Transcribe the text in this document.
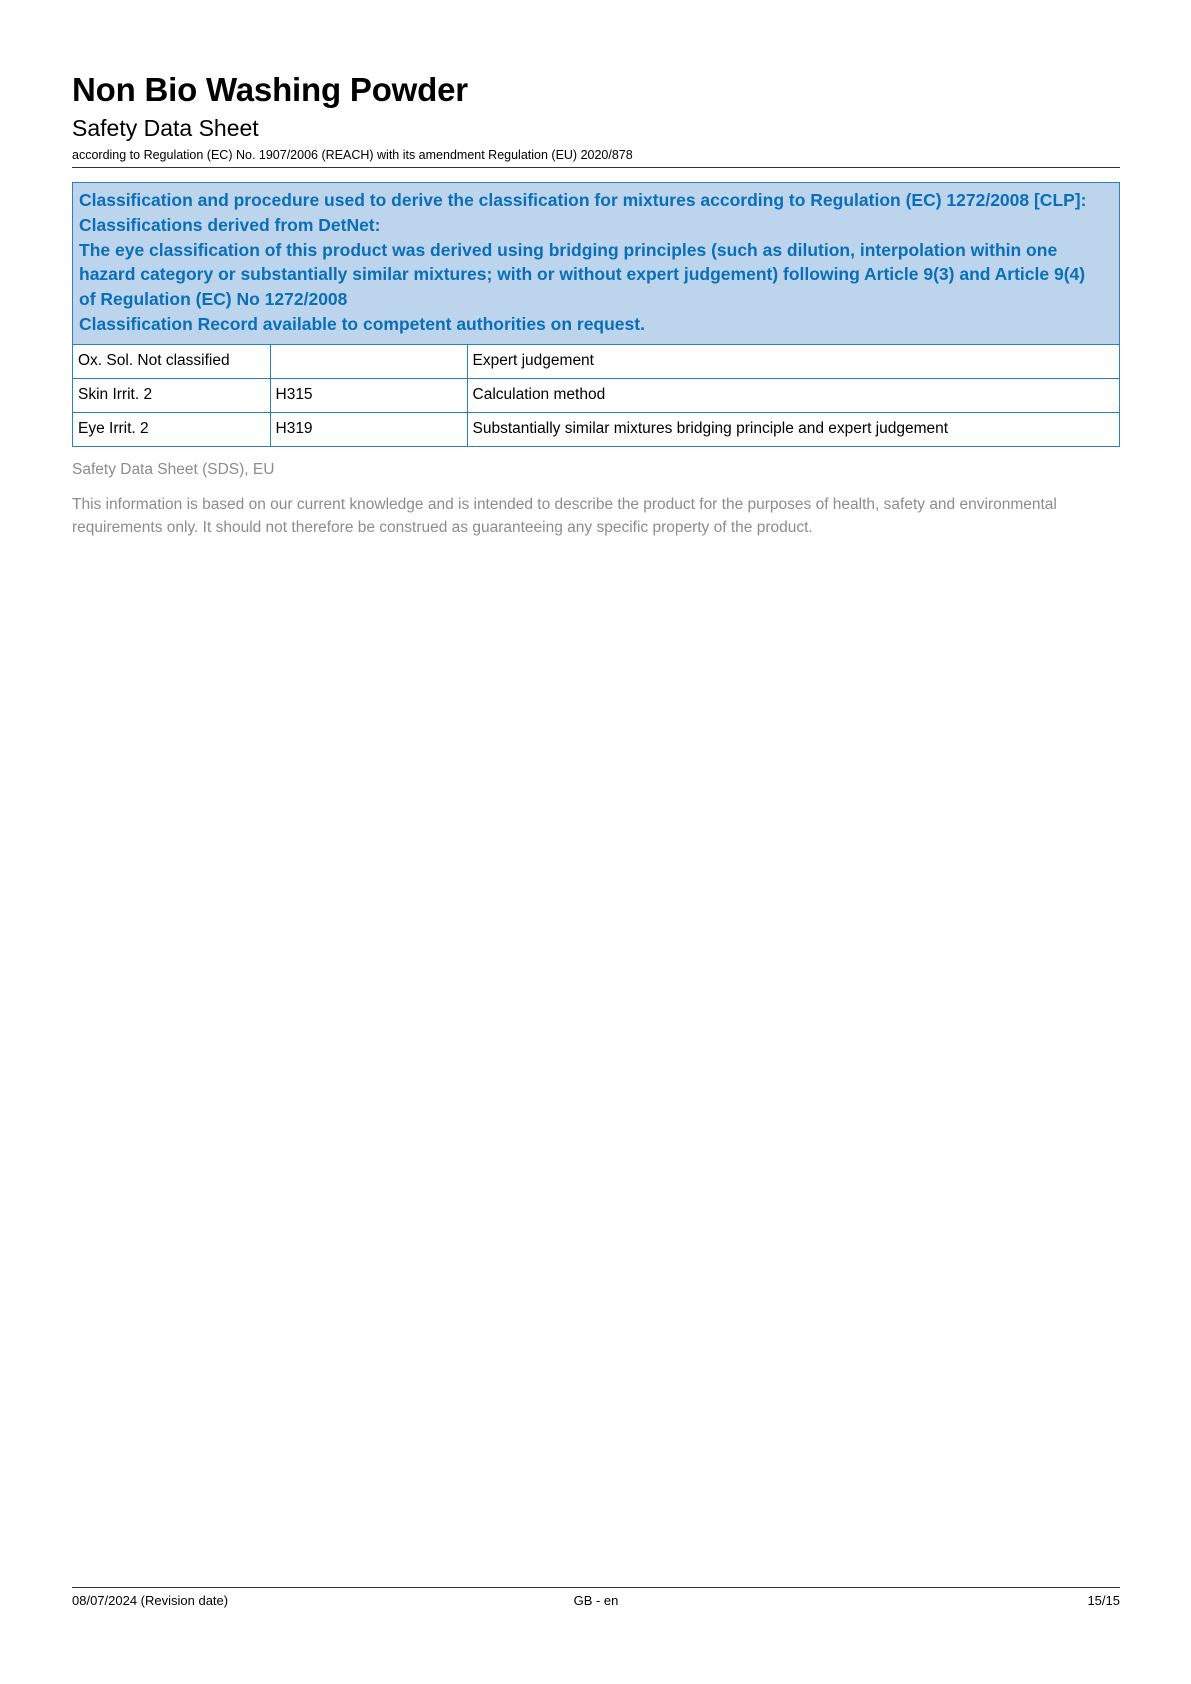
Non Bio Washing Powder
Safety Data Sheet
according to Regulation (EC) No. 1907/2006 (REACH) with its amendment Regulation (EU) 2020/878
Classification and procedure used to derive the classification for mixtures according to Regulation (EC) 1272/2008 [CLP]:
Classifications derived from DetNet:
The eye classification of this product was derived using bridging principles (such as dilution, interpolation within one
hazard category or substantially similar mixtures; with or without expert judgement) following Article 9(3) and Article 9(4)
of Regulation (EC) No 1272/2008
Classification Record available to competent authorities on request.
Ox. Sol. Not classified		Expert judgement
Skin Irrit. 2	H315	Calculation method
Eye Irrit. 2	H319	Substantially similar mixtures bridging principle and expert judgement
Safety Data Sheet (SDS), EU
This information is based on our current knowledge and is intended to describe the product for the purposes of health, safety and environmental requirements only. It should not therefore be construed as guaranteeing any specific property of the product.
08/07/2024 (Revision date)	GB - en	15/15
